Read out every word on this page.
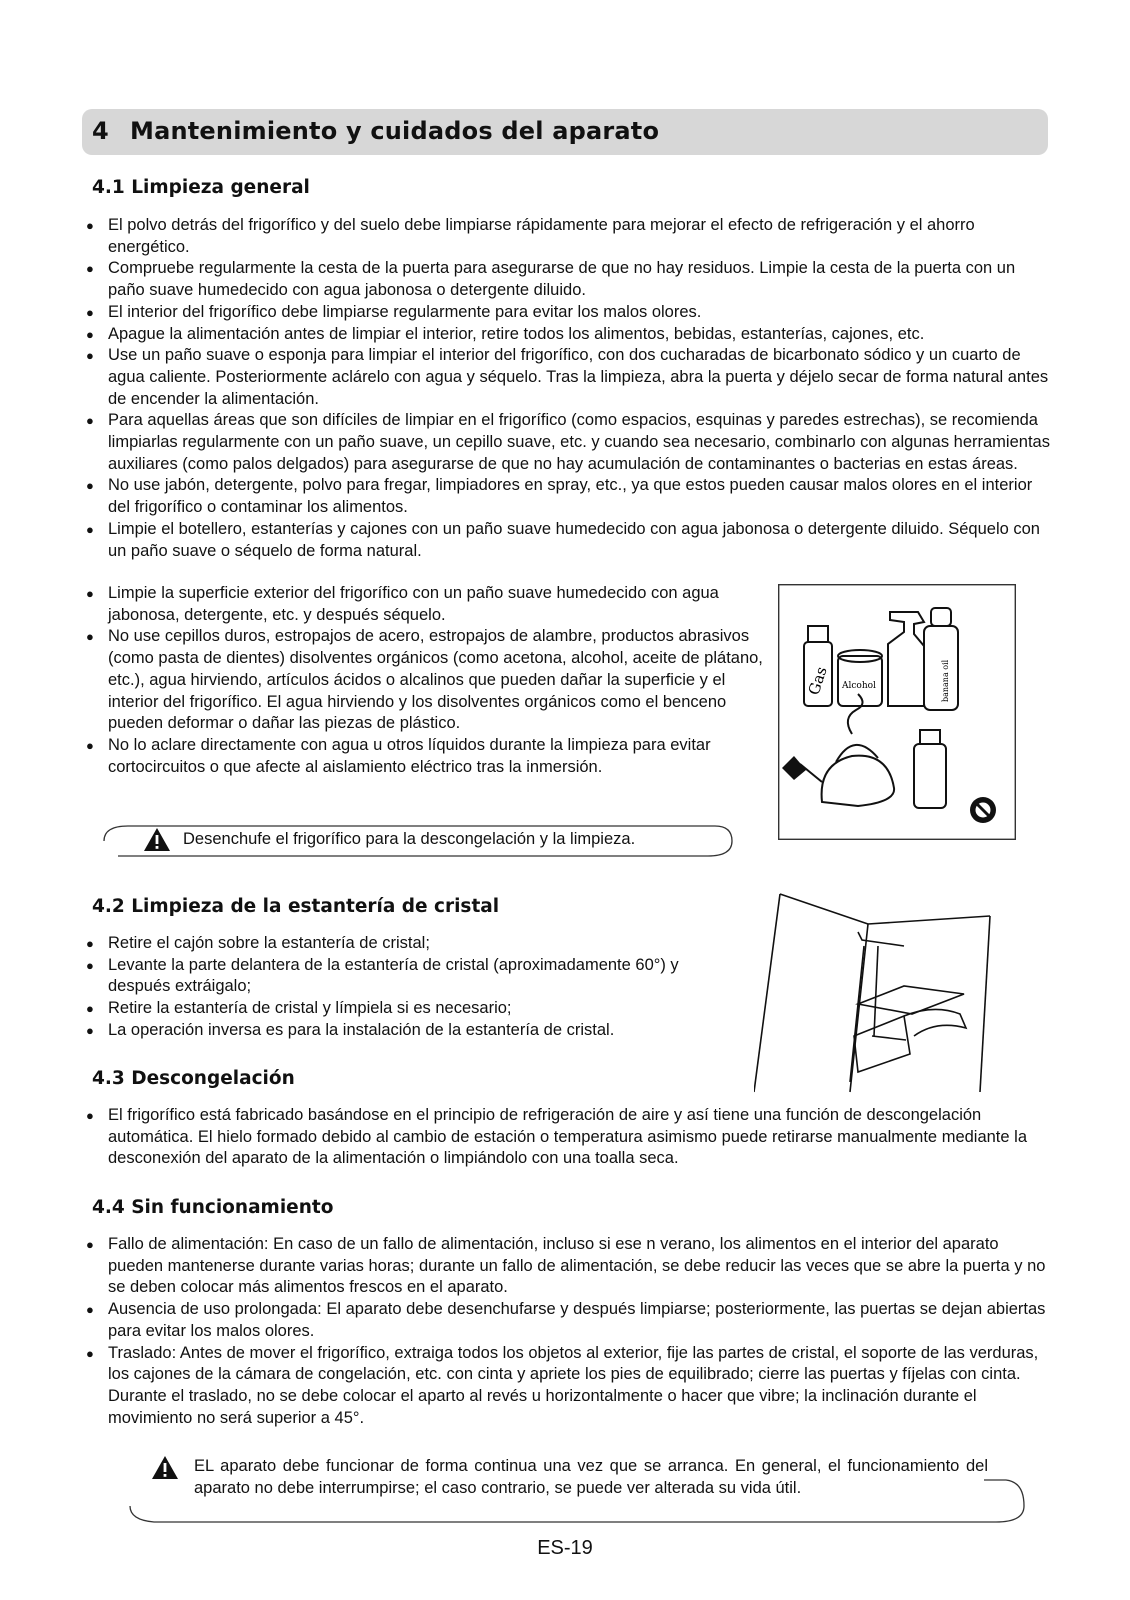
4 Mantenimiento y cuidados del aparato
4.1 Limpieza general
● El polvo detrás del frigorífico y del suelo debe limpiarse rápidamente para mejorar el efecto de refrigeración y el ahorro energético.
● Compruebe regularmente la cesta de la puerta para asegurarse de que no hay residuos. Limpie la cesta de la puerta con un paño suave humedecido con agua jabonosa o detergente diluido.
● El interior del frigorífico debe limpiarse regularmente para evitar los malos olores.
● Apague la alimentación antes de limpiar el interior, retire todos los alimentos, bebidas, estanterías, cajones, etc.
● Use un paño suave o esponja para limpiar el interior del frigorífico, con dos cucharadas de bicarbonato sódico y un cuarto de agua caliente. Posteriormente aclárelo con agua y séquelo. Tras la limpieza, abra la puerta y déjelo secar de forma natural antes de encender la alimentación.
● Para aquellas áreas que son difíciles de limpiar en el frigorífico (como espacios, esquinas y paredes estrechas), se recomienda limpiarlas regularmente con un paño suave, un cepillo suave, etc. y cuando sea necesario, combinarlo con algunas herramientas auxiliares (como palos delgados) para asegurarse de que no hay acumulación de contaminantes o bacterias en estas áreas.
● No use jabón, detergente, polvo para fregar, limpiadores en spray, etc., ya que estos pueden causar malos olores en el interior del frigorífico o contaminar los alimentos.
● Limpie el botellero, estanterías y cajones con un paño suave humedecido con agua jabonosa o detergente diluido. Séquelo con un paño suave o séquelo de forma natural.
● Limpie la superficie exterior del frigorífico con un paño suave humedecido con agua jabonosa, detergente, etc. y después séquelo.
● No use cepillos duros, estropajos de acero, estropajos de alambre, productos abrasivos (como pasta de dientes) disolventes orgánicos (como acetona, alcohol, aceite de plátano, etc.), agua hirviendo, artículos ácidos o alcalinos que pueden dañar la superficie y el interior del frigorífico. El agua hirviendo y los disolventes orgánicos como el benceno pueden deformar o dañar las piezas de plástico.
● No lo aclare directamente con agua u otros líquidos durante la limpieza para evitar cortocircuitos o que afecte al aislamiento eléctrico tras la inmersión.
Desenchufe el frigorífico para la descongelación y la limpieza.
Gas Alcohol	banana oil
4.2 Limpieza de la estantería de cristal
● Retire el cajón sobre la estantería de cristal;
● Levante la parte delantera de la estantería de cristal (aproximadamente 60°) y después extráigalo;
● Retire la estantería de cristal y límpiela si es necesario;
● La operación inversa es para la instalación de la estantería de cristal.
4.3 Descongelación
● El frigorífico está fabricado basándose en el principio de refrigeración de aire y así tiene una función de descongelación automática. El hielo formado debido al cambio de estación o temperatura asimismo puede retirarse manualmente mediante la desconexión del aparato de la alimentación o limpiándolo con una toalla seca.
4.4 Sin funcionamiento
● Fallo de alimentación: En caso de un fallo de alimentación, incluso si ese n verano, los alimentos en el interior del aparato pueden mantenerse durante varias horas; durante un fallo de alimentación, se debe reducir las veces que se abre la puerta y no se deben colocar más alimentos frescos en el aparato.
● Ausencia de uso prolongada: El aparato debe desenchufarse y después limpiarse; posteriormente, las puertas se dejan abiertas para evitar los malos olores.
● Traslado: Antes de mover el frigorífico, extraiga todos los objetos al exterior, fije las partes de cristal, el soporte de las verduras, los cajones de la cámara de congelación, etc. con cinta y apriete los pies de equilibrado; cierre las puertas y fíjelas con cinta. Durante el traslado, no se debe colocar el aparto al revés u horizontalmente o hacer que vibre; la inclinación durante el movimiento no será superior a 45°.
EL aparato debe funcionar de forma continua una vez que se arranca. En general, el funcionamiento del aparato no debe interrumpirse; el caso contrario, se puede ver alterada su vida útil.
ES-19
